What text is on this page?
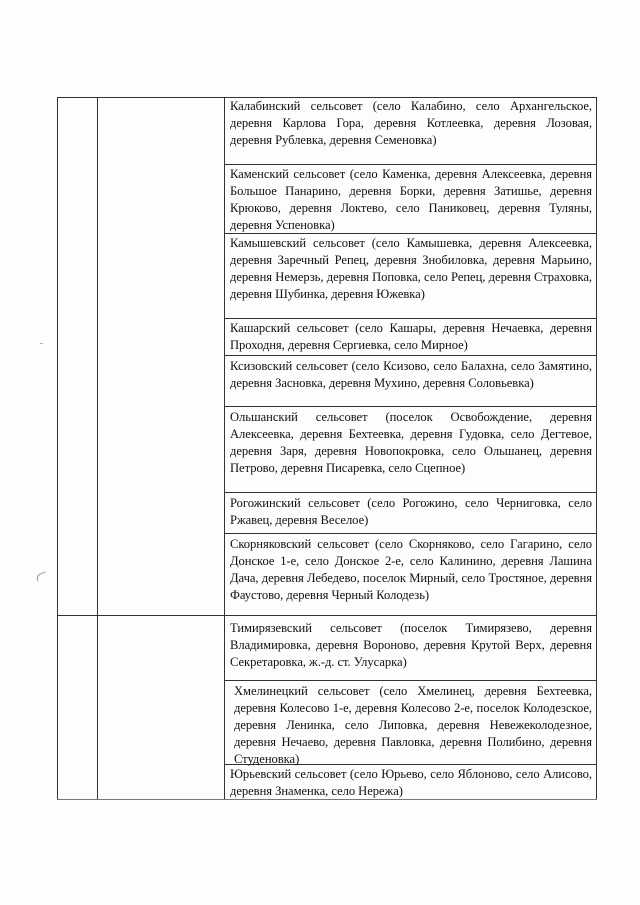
Калабинский сельсовет (село Калабино, село Архангельское, деревня Карлова Гора, деревня Котлеевка, деревня Лозовая, деревня Рублевка, деревня Семеновка)
Каменский сельсовет (село Каменка, деревня Алексеевка, деревня Большое Панарино, деревня Борки, деревня Затишье, деревня Крюково, деревня Локтево, село Паниковец, деревня Туляны, деревня Успеновка)
Камышевский сельсовет (село Камышевка, деревня Алексеевка, деревня Заречный Репец, деревня Знобиловка, деревня Марьино, деревня Немерзь, деревня Поповка, село Репец, деревня Страховка, деревня Шубинка, деревня Южевка)
Кашарский сельсовет (село Кашары, деревня Нечаевка, деревня Проходня, деревня Сергиевка, село Мирное)
Ксизовский сельсовет (село Ксизово, село Балахна, село Замятино, деревня Засновка, деревня Мухино, деревня Соловьевка)
Ольшанский сельсовет (поселок Освобождение, деревня Алексеевка, деревня Бехтеевка, деревня Гудовка, село Дегтевое, деревня Заря, деревня Новопокровка, село Ольшанец, деревня Петрово, деревня Писаревка, село Сцепное)
Рогожинский сельсовет (село Рогожино, село Черниговка, село Ржавец, деревня Веселое)
Скорняковский сельсовет (село Скорняково, село Гагарино, село Донское 1-е, село Донское 2-е, село Калинино, деревня Лашина Дача, деревня Лебедево, поселок Мирный, село Тростяное, деревня Фаустово, деревня Черный Колодезь)
Тимирязевский сельсовет (поселок Тимирязево, деревня Владимировка, деревня Вороново, деревня Крутой Верх, деревня Секретаровка, ж.-д. ст. Улусарка)
Хмелинецкий сельсовет (село Хмелинец, деревня Бехтеевка, деревня Колесово 1-е, деревня Колесово 2-е, поселок Колодезское, деревня Ленинка, село Липовка, деревня Невежеколодезное, деревня Нечаево, деревня Павловка, деревня Полибино, деревня Студеновка)
Юрьевский сельсовет (село Юрьево, село Яблоново, село Алисово, деревня Знаменка, село Нережа)
